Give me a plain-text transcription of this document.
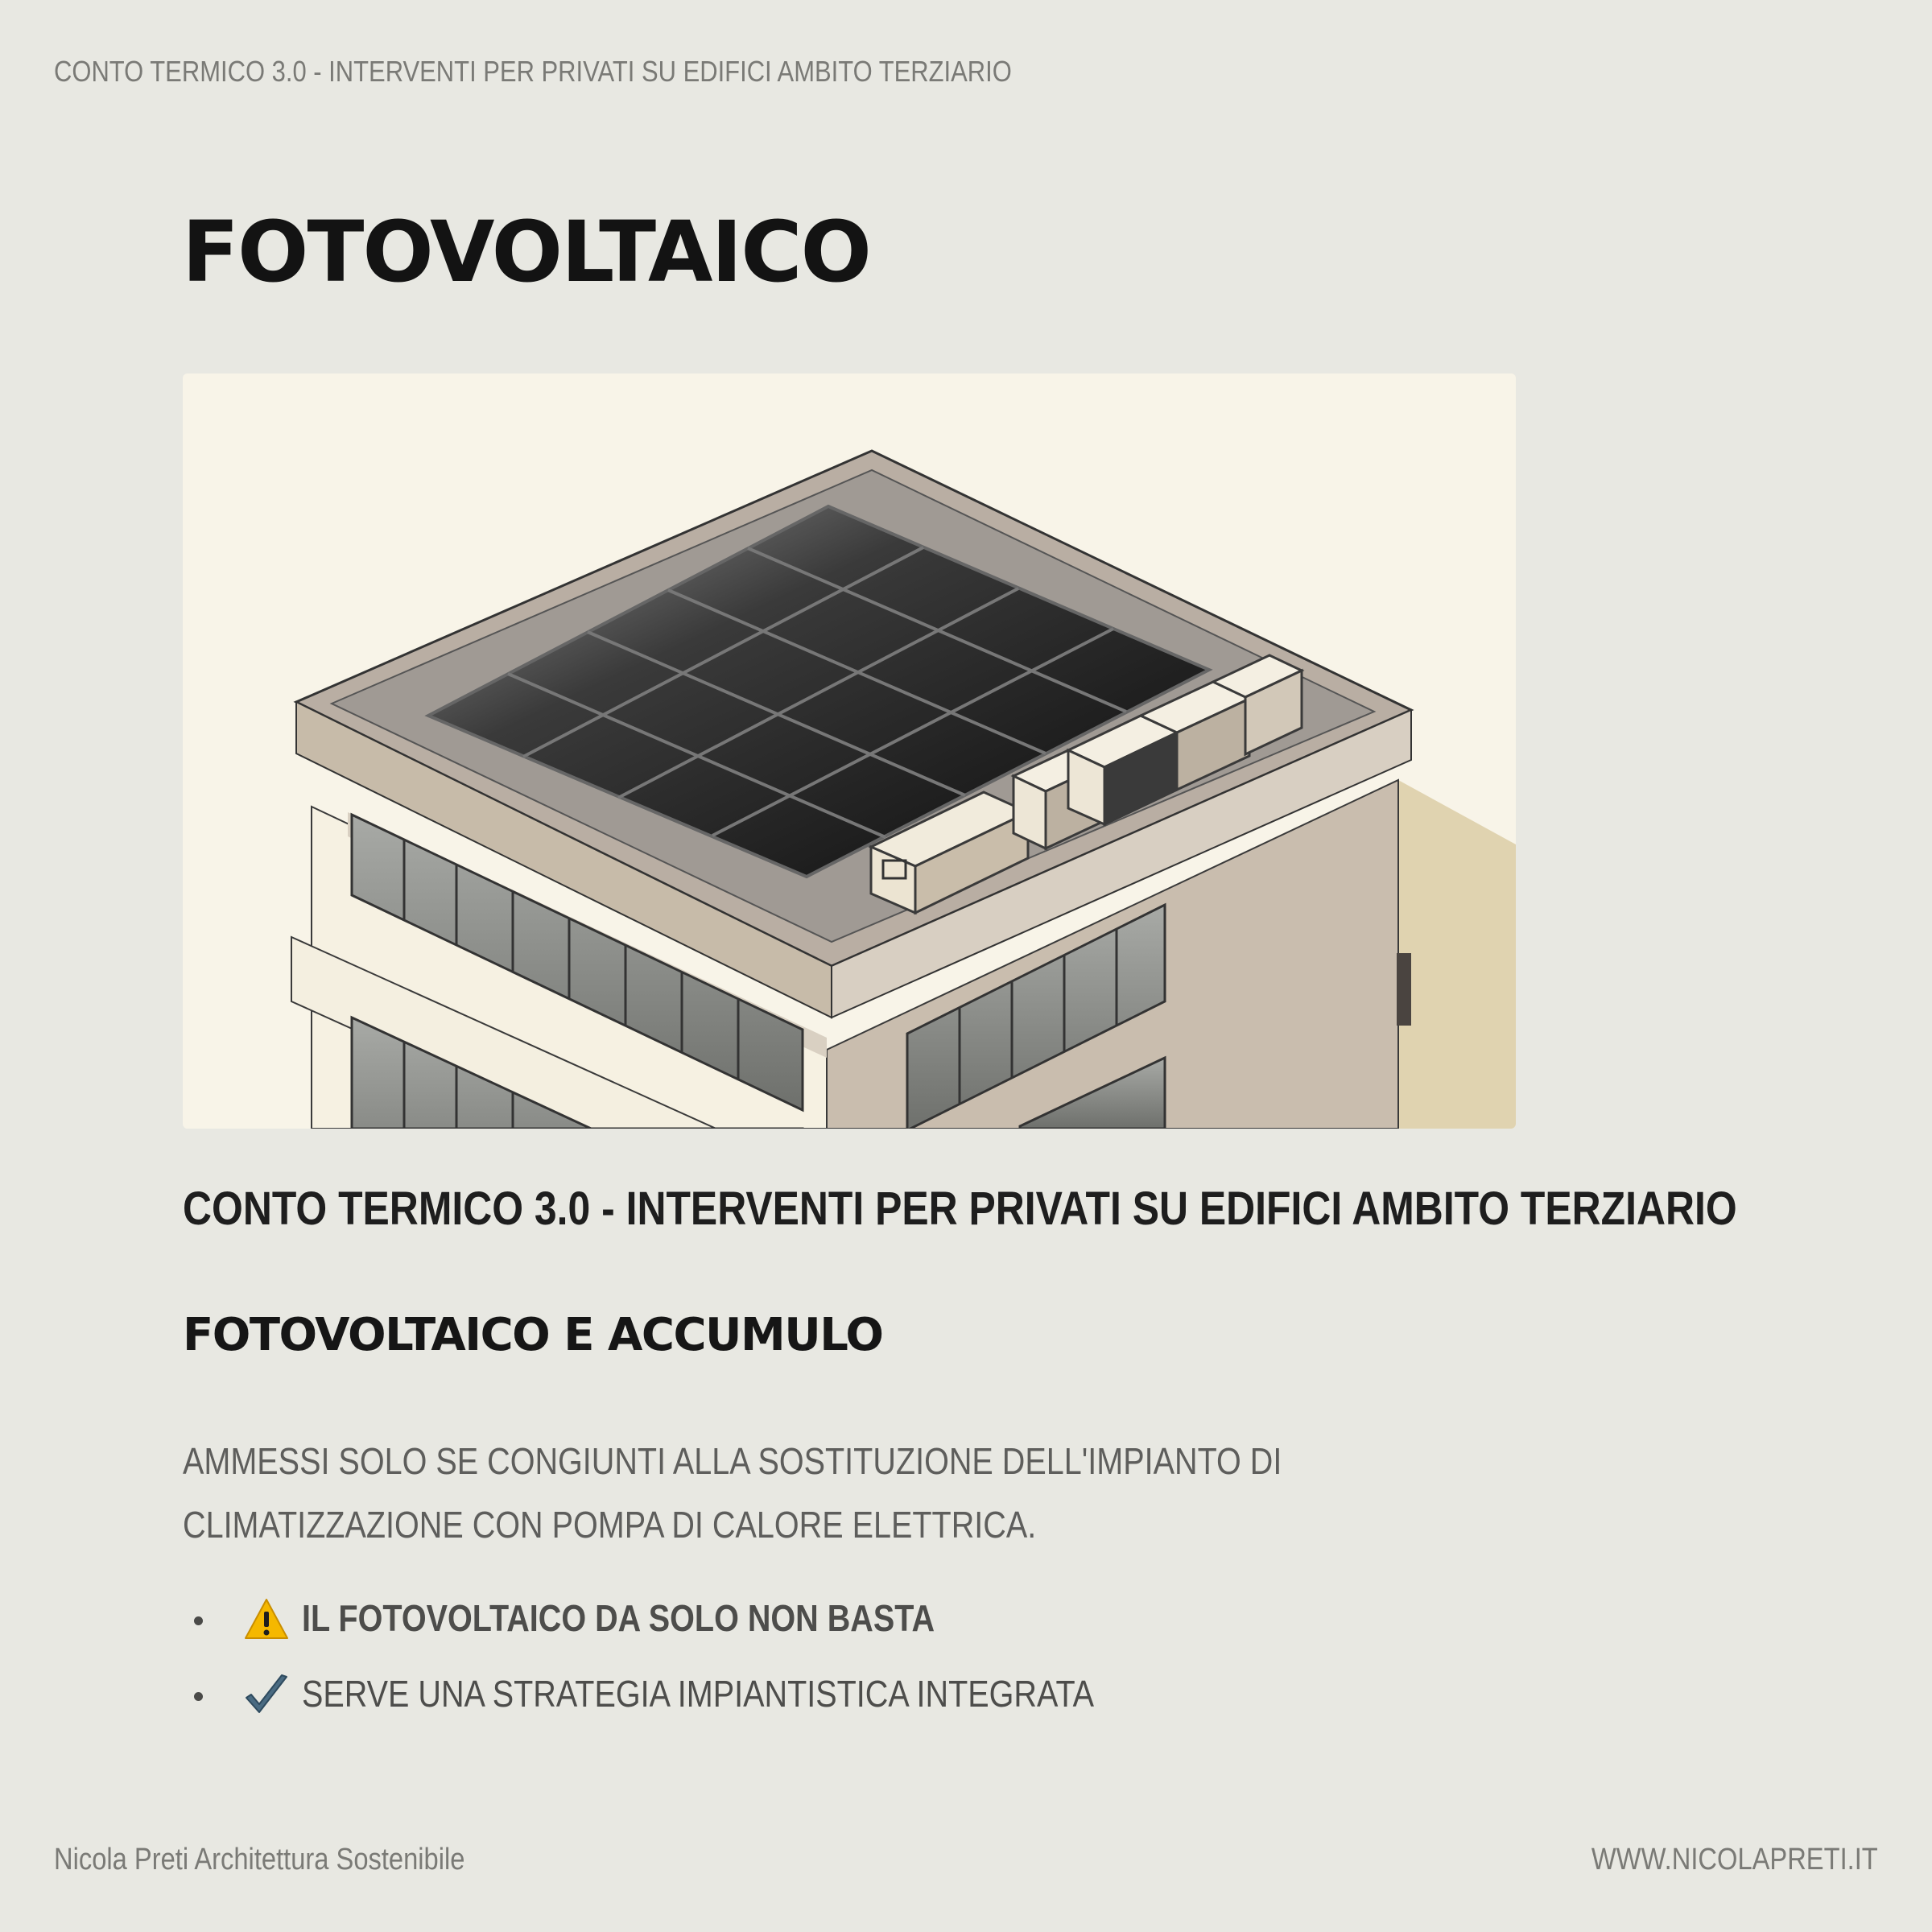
CONTO TERMICO 3.0 - INTERVENTI PER PRIVATI SU EDIFICI AMBITO TERZIARIO
FOTOVOLTAICO
CONTO TERMICO 3.0 - INTERVENTI PER PRIVATI SU EDIFICI AMBITO TERZIARIO
FOTOVOLTAICO E ACCUMULO

AMMESSI SOLO SE CONGIUNTI ALLA SOSTITUZIONE DELL'IMPIANTO DI CLIMATIZZAZIONE CON POMPA DI CALORE ELETTRICA.

IL FOTOVOLTAICO DA SOLO NON BASTA
SERVE UNA STRATEGIA IMPIANTISTICA INTEGRATA
Nicola Preti Architettura Sostenibile	WWW.NICOLAPRETI.IT
